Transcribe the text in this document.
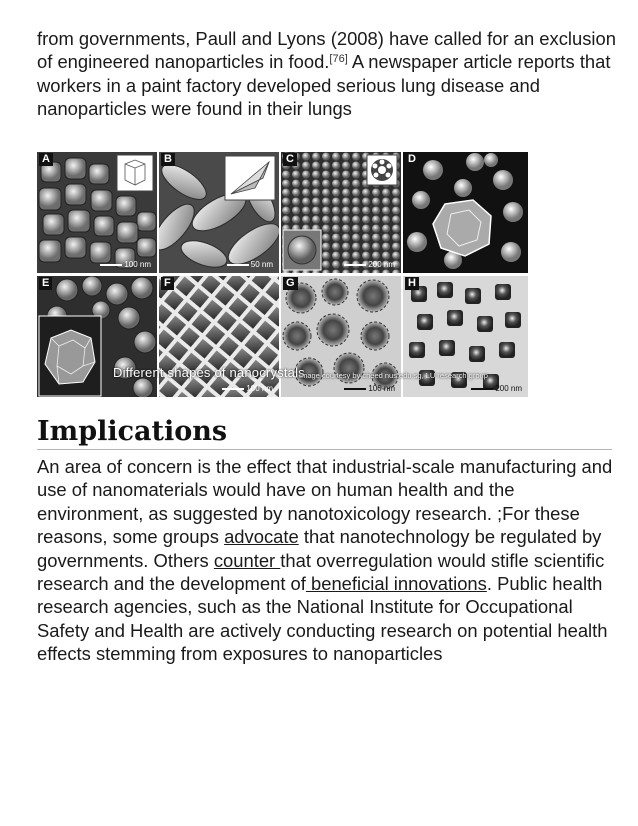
from governments, Paull and Lyons (2008) have called for an exclusion of engineered nanoparticles in food.[76] A newspaper article reports that workers in a paint factory developed serious lung disease and nanoparticles were found in their lungs

A
100 nm
B
50 nm
C
200 nm
D
E	F
100 nm
G
100 nm
H
200 nm
Different shapes of nanocrystals
Image courtesy by cheed nus.edu.sg, LU research group
Implications

An area of concern is the effect that industrial-scale manufacturing and use of nanomaterials would have on human health and the environment, as suggested by nanotoxicology research. ;For these reasons, some groups advocate that nanotechnology be regulated by governments. Others counter that overregulation would stifle scientific research and the development of beneficial innovations. Public health research agencies, such as the National Institute for Occupational Safety and Health are actively conducting research on potential health effects stemming from exposures to nanoparticles
